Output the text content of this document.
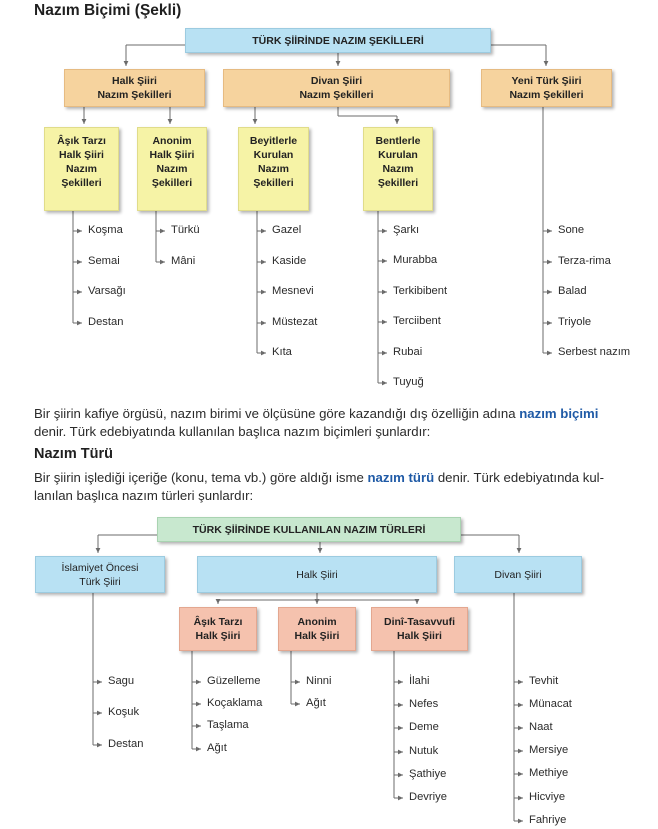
Nazım Biçimi (Şekli)
Bir şiirin kafiye örgüsü, nazım birimi ve ölçüsüne göre kazandığı dış özelliğin adına nazım biçimi
denir. Türk edebiyatında kullanılan başlıca nazım biçimleri şunlardır:
Nazım Türü
Bir şiirin işlediği içeriğe (konu, tema vb.) göre aldığı isme nazım türü denir. Türk edebiyatında kul-
lanılan başlıca nazım türleri şunlardır:
TÜRK ŞİİRİNDE NAZIM ŞEKİLLERİ
Halk Şiiri
Nazım Şekilleri
Divan Şiiri
Nazım Şekilleri
Yeni Türk Şiiri
Nazım Şekilleri
Âşık Tarzı
Halk Şiiri
Nazım
Şekilleri
Anonim
Halk Şiiri
Nazım
Şekilleri
Beyitlerle
Kurulan
Nazım
Şekilleri
Bentlerle
Kurulan
Nazım
Şekilleri
TÜRK ŞİİRİNDE KULLANILAN NAZIM TÜRLERİ
İslamiyet Öncesi
Türk Şiiri
Halk Şiiri	Divan Şiiri
Âşık Tarzı
Halk Şiiri
Anonim
Halk Şiiri
Dinî-Tasavvufi
Halk Şiiri
Koşma
Semai
Varsağı
Destan
Türkü
Mâni
Gazel
Kaside
Mesnevi
Müstezat
Kıta
Şarkı
Murabba
Terkibibent
Terciibent
Rubai
Tuyuğ
Sone
Terza-rima
Balad
Triyole
Serbest nazım
Sagu
Koşuk
Destan
Güzelleme
Koçaklama
Taşlama
Ağıt
Ninni
Ağıt
İlahi
Nefes
Deme
Nutuk
Şathiye
Devriye
Tevhit
Münacat
Naat
Mersiye
Methiye
Hicviye
Fahriye
